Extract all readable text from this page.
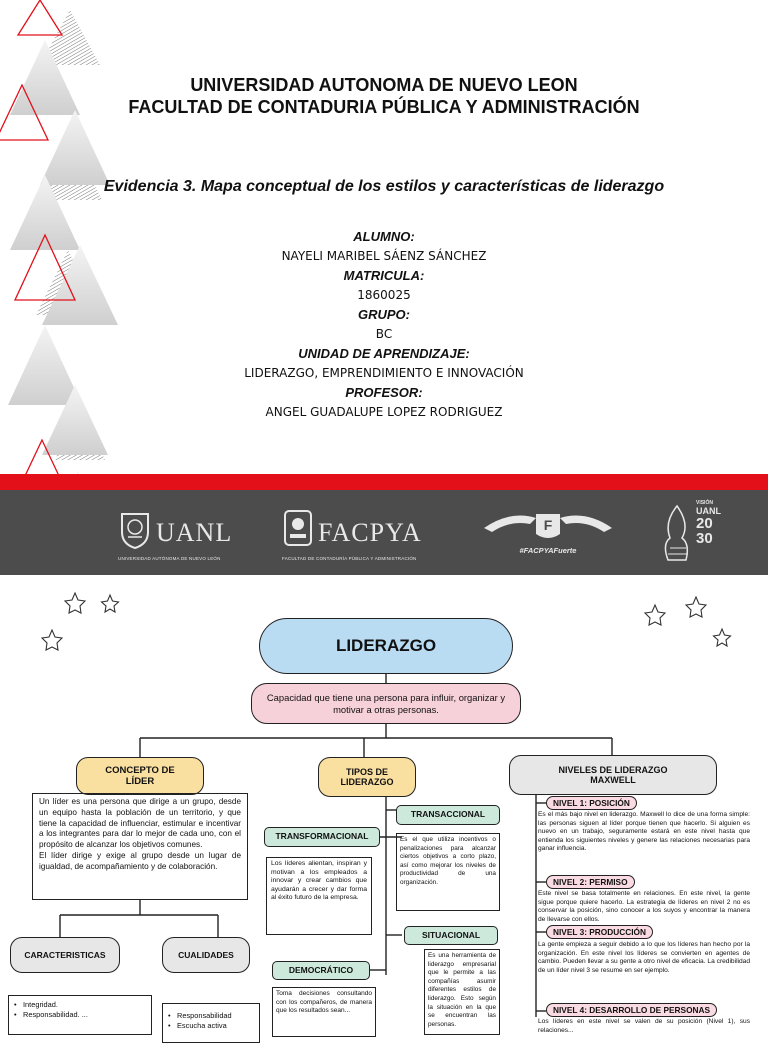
UNIVERSIDAD AUTONOMA DE NUEVO LEON
FACULTAD DE CONTADURIA PÚBLICA Y ADMINISTRACIÓN
Evidencia 3. Mapa conceptual de los estilos y características de liderazgo
ALUMNO:
NAYELI MARIBEL SÁENZ SÁNCHEZ
MATRICULA:
1860025
GRUPO:
BC
UNIDAD DE APRENDIZAJE:
LIDERAZGO, EMPRENDIMIENTO E INNOVACIÓN
PROFESOR:
ANGEL GUADALUPE LOPEZ RODRIGUEZ
UANL
UNIVERSIDAD AUTÓNOMA DE NUEVO LEÓN
FACPYA
FACULTAD DE CONTADURÍA PÚBLICA Y ADMINISTRACIÓN
F
#FACPYAFuerte
VISIÓN
UANL
20
30
LIDERAZGO
Capacidad que tiene una persona para influir, organizar y motivar a otras personas.
CONCEPTO DE LÍDER
Un líder es una persona que dirige a un grupo, desde un equipo hasta la población de un territorio, y que tiene la capacidad de influenciar, estimular e incentivar a los integrantes para dar lo mejor de cada uno, con el propósito de alcanzar los objetivos comunes.
El líder dirige y exige al grupo desde un lugar de igualdad, de acompañamiento y de colaboración.
CARACTERISTICAS
• Integridad.
• Responsabilidad. ...
CUALIDADES
• Responsabilidad
• Escucha activa
TIPOS DE LIDERAZGO
TRANSFORMACIONAL
Los líderes alientan, inspiran y motivan a los empleados a innovar y crear cambios que ayudarán a crecer y dar forma al éxito futuro de la empresa.
TRANSACCIONAL
Es el que utiliza incentivos o penalizaciones para alcanzar ciertos objetivos a corto plazo, así como mejorar los niveles de productividad de una organización.
SITUACIONAL
Es una herramienta de liderazgo empresarial que le permite a las compañías asumir diferentes estilos de liderazgo. Esto según la situación en la que se encuentran las personas.
DEMOCRÁTICO
Toma decisiones consultando con los compañeros, de manera que los resultados sean...
NIVELES DE LIDERAZGO MAXWELL
NIVEL 1: POSICIÓN
Es el más bajo nivel en liderazgo. Maxwell lo dice de una forma simple: las personas siguen al líder porque tienen que hacerlo. Si alguien es nuevo en un trabajo, seguramente estará en este nivel hasta que entienda los siguientes niveles y genere las relaciones necesarias para ganar influencia.
NIVEL 2: PERMISO
Este nivel se basa totalmente en relaciones. En este nivel, la gente sigue porque quiere hacerlo. La estrategia de líderes en nivel 2 no es conservar la posición, sino conocer a los suyos y encontrar la manera de llevarse con ellos.
NIVEL 3: PRODUCCIÓN
La gente empieza a seguir debido a lo que los líderes han hecho por la organización. En este nivel los líderes se convierten en agentes de cambio. Pueden llevar a su gente a otro nivel de eficacia. La credibilidad de un líder nivel 3 se resume en ser ejemplo.
NIVEL 4: DESARROLLO DE PERSONAS
Los líderes en este nivel se valen de su posición (Nivel 1), sus relaciones...
